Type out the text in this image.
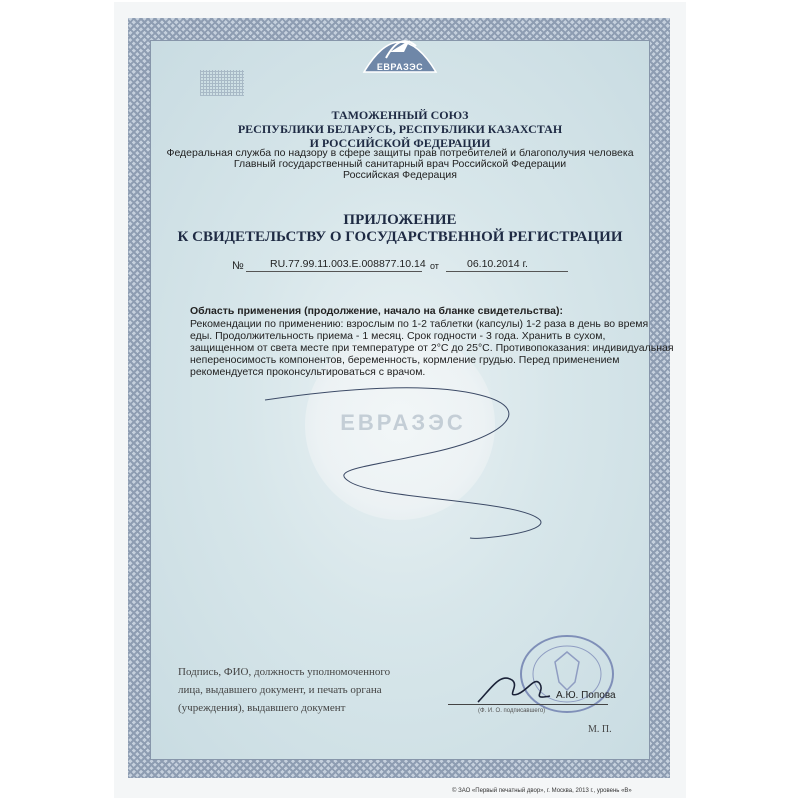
ЕВРАЗЭС
ТАМОЖЕННЫЙ СОЮЗ
РЕСПУБЛИКИ БЕЛАРУСЬ, РЕСПУБЛИКИ КАЗАХСТАН
И РОССИЙСКОЙ ФЕДЕРАЦИИ
Федеральная служба по надзору в сфере защиты прав потребителей и благополучия человека
Главный государственный санитарный врач Российской Федерации
Российская Федерация
ПРИЛОЖЕНИЕ
К СВИДЕТЕЛЬСТВУ О ГОСУДАРСТВЕННОЙ РЕГИСТРАЦИИ
№ RU.77.99.11.003.E.008877.10.14 от	06.10.2014 г.
ЕВРАЗЭС
Область применения (продолжение, начало на бланке свидетельства):
Рекомендации по применению: взрослым по 1-2 таблетки (капсулы) 1-2 раза в день во время
еды. Продолжительность приема - 1 месяц. Срок годности - 3 года. Хранить в сухом,
защищенном от света месте при температуре от 2°С до 25°С. Противопоказания: индивидуальная
непереносимость компонентов, беременность, кормление грудью. Перед применением
рекомендуется проконсультироваться с врачом.
Подпись, ФИО, должность уполномоченного
лица, выдавшего документ, и печать органа
(учреждения), выдавшего документ
А.Ю. Попова
(Ф. И. О. подписавшего)
М. П.
© ЗАО «Первый печатный двор», г. Москва, 2013 г., уровень «В»
